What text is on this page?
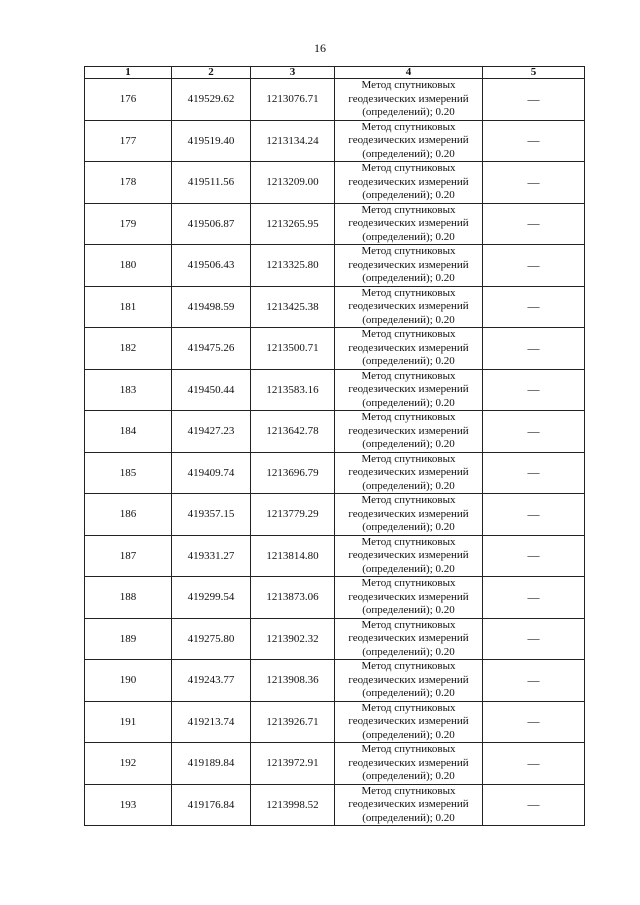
16
1	2	3	4	5
176	419529.62	1213076.71	Метод спутниковых
геодезических измерений
(определений); 0.20	—
177	419519.40	1213134.24	Метод спутниковых
геодезических измерений
(определений); 0.20	—
178	419511.56	1213209.00	Метод спутниковых
геодезических измерений
(определений); 0.20	—
179	419506.87	1213265.95	Метод спутниковых
геодезических измерений
(определений); 0.20	—
180	419506.43	1213325.80	Метод спутниковых
геодезических измерений
(определений); 0.20	—
181	419498.59	1213425.38	Метод спутниковых
геодезических измерений
(определений); 0.20	—
182	419475.26	1213500.71	Метод спутниковых
геодезических измерений
(определений); 0.20	—
183	419450.44	1213583.16	Метод спутниковых
геодезических измерений
(определений); 0.20	—
184	419427.23	1213642.78	Метод спутниковых
геодезических измерений
(определений); 0.20	—
185	419409.74	1213696.79	Метод спутниковых
геодезических измерений
(определений); 0.20	—
186	419357.15	1213779.29	Метод спутниковых
геодезических измерений
(определений); 0.20	—
187	419331.27	1213814.80	Метод спутниковых
геодезических измерений
(определений); 0.20	—
188	419299.54	1213873.06	Метод спутниковых
геодезических измерений
(определений); 0.20	—
189	419275.80	1213902.32	Метод спутниковых
геодезических измерений
(определений); 0.20	—
190	419243.77	1213908.36	Метод спутниковых
геодезических измерений
(определений); 0.20	—
191	419213.74	1213926.71	Метод спутниковых
геодезических измерений
(определений); 0.20	—
192	419189.84	1213972.91	Метод спутниковых
геодезических измерений
(определений); 0.20	—
193	419176.84	1213998.52	Метод спутниковых
геодезических измерений
(определений); 0.20	—
